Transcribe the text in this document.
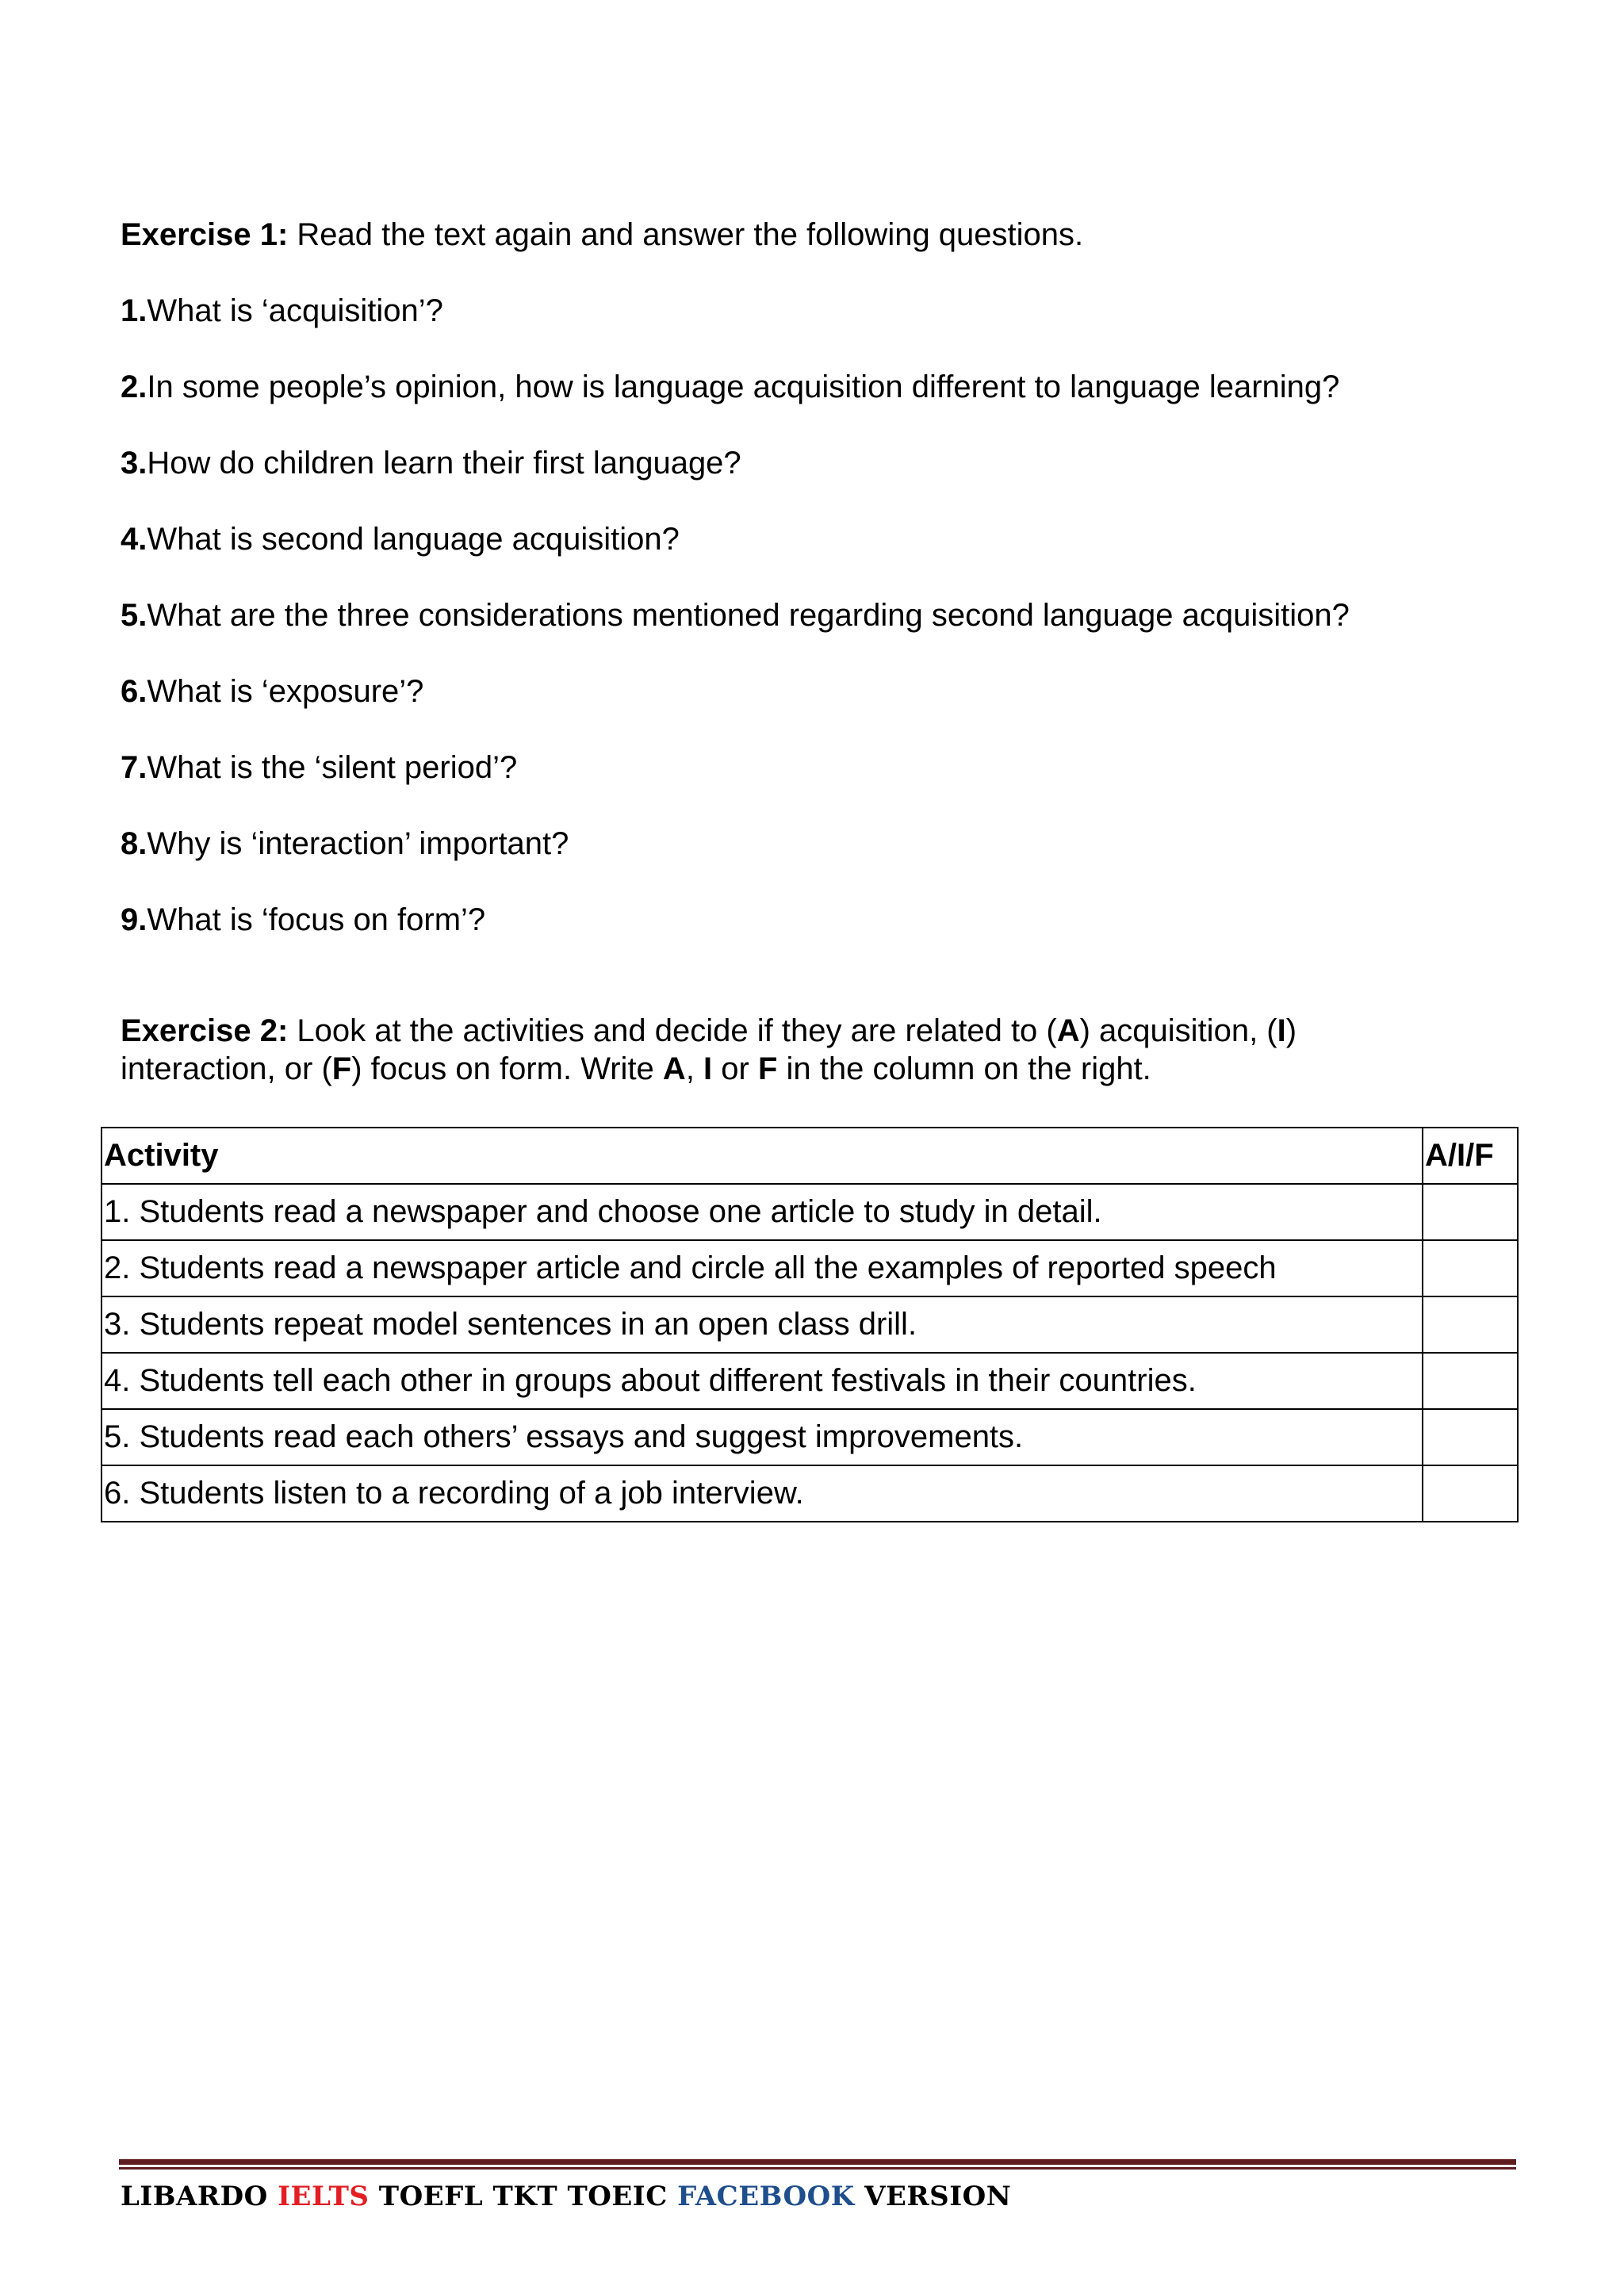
Exercise 1: Read the text again and answer the following questions.

1.What is ‘acquisition’?

2.In some people’s opinion, how is language acquisition different to language learning?

3.How do children learn their first language?

4.What is second language acquisition?

5.What are the three considerations mentioned regarding second language acquisition?

6.What is ‘exposure’?

7.What is the ‘silent period’?

8.Why is ‘interaction’ important?

9.What is ‘focus on form’?

Exercise 2: Look at the activities and decide if they are related to (A) acquisition, (I)
interaction, or (F) focus on form. Write A, I or F in the column on the right.
Activity	A/I/F
1. Students read a newspaper and choose one article to study in detail.	
2. Students read a newspaper article and circle all the examples of reported speech	
3. Students repeat model sentences in an open class drill.	
4. Students tell each other in groups about different festivals in their countries.	
5. Students read each others’ essays and suggest improvements.	
6. Students listen to a recording of a job interview.	
LIBARDO IELTS TOEFL TKT TOEIC FACEBOOK VERSION
